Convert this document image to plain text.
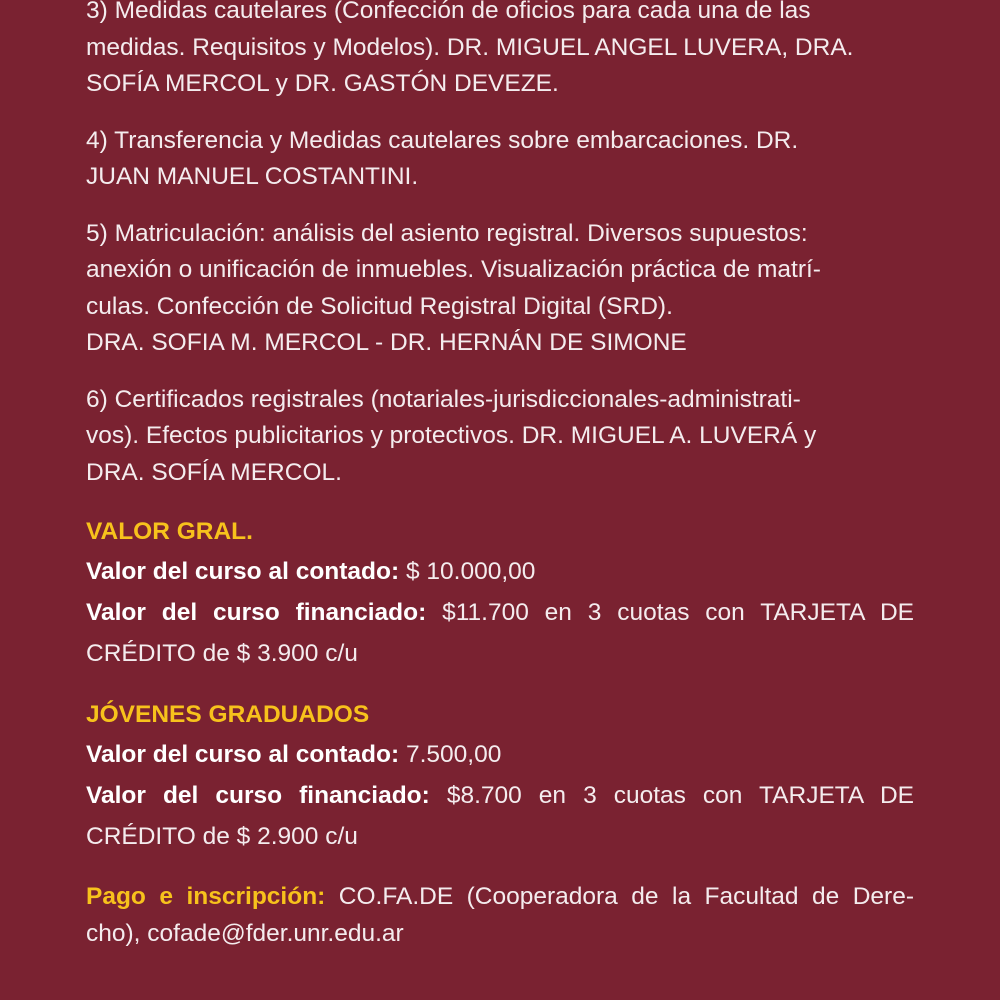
3) Medidas cautelares (Confección de oficios para cada una de las
medidas. Requisitos y Modelos). DR. MIGUEL ANGEL LUVERA, DRA.
SOFÍA MERCOL y DR. GASTÓN DEVEZE.

4) Transferencia y Medidas cautelares sobre embarcaciones. DR.
JUAN MANUEL COSTANTINI.

5) Matriculación: análisis del asiento registral. Diversos supuestos:
anexión o unificación de inmuebles. Visualización práctica de matrí-
culas. Confección de Solicitud Registral Digital (SRD).
DRA. SOFIA M. MERCOL - DR. HERNÁN DE SIMONE

6) Certificados registrales (notariales-jurisdiccionales-administrati-
vos). Efectos publicitarios y protectivos. DR. MIGUEL A. LUVERÁ y
DRA. SOFÍA MERCOL.

VALOR GRAL.

Valor del curso al contado: $ 10.000,00

Valor del curso financiado: $11.700 en 3 cuotas con TARJETA DE
CRÉDITO de $ 3.900 c/u

JÓVENES GRADUADOS

Valor del curso al contado: 7.500,00

Valor del curso financiado: $8.700 en 3 cuotas con TARJETA DE
CRÉDITO de $ 2.900 c/u

Pago e inscripción: CO.FA.DE (Cooperadora de la Facultad de Dere-
cho), cofade@fder.unr.edu.ar
